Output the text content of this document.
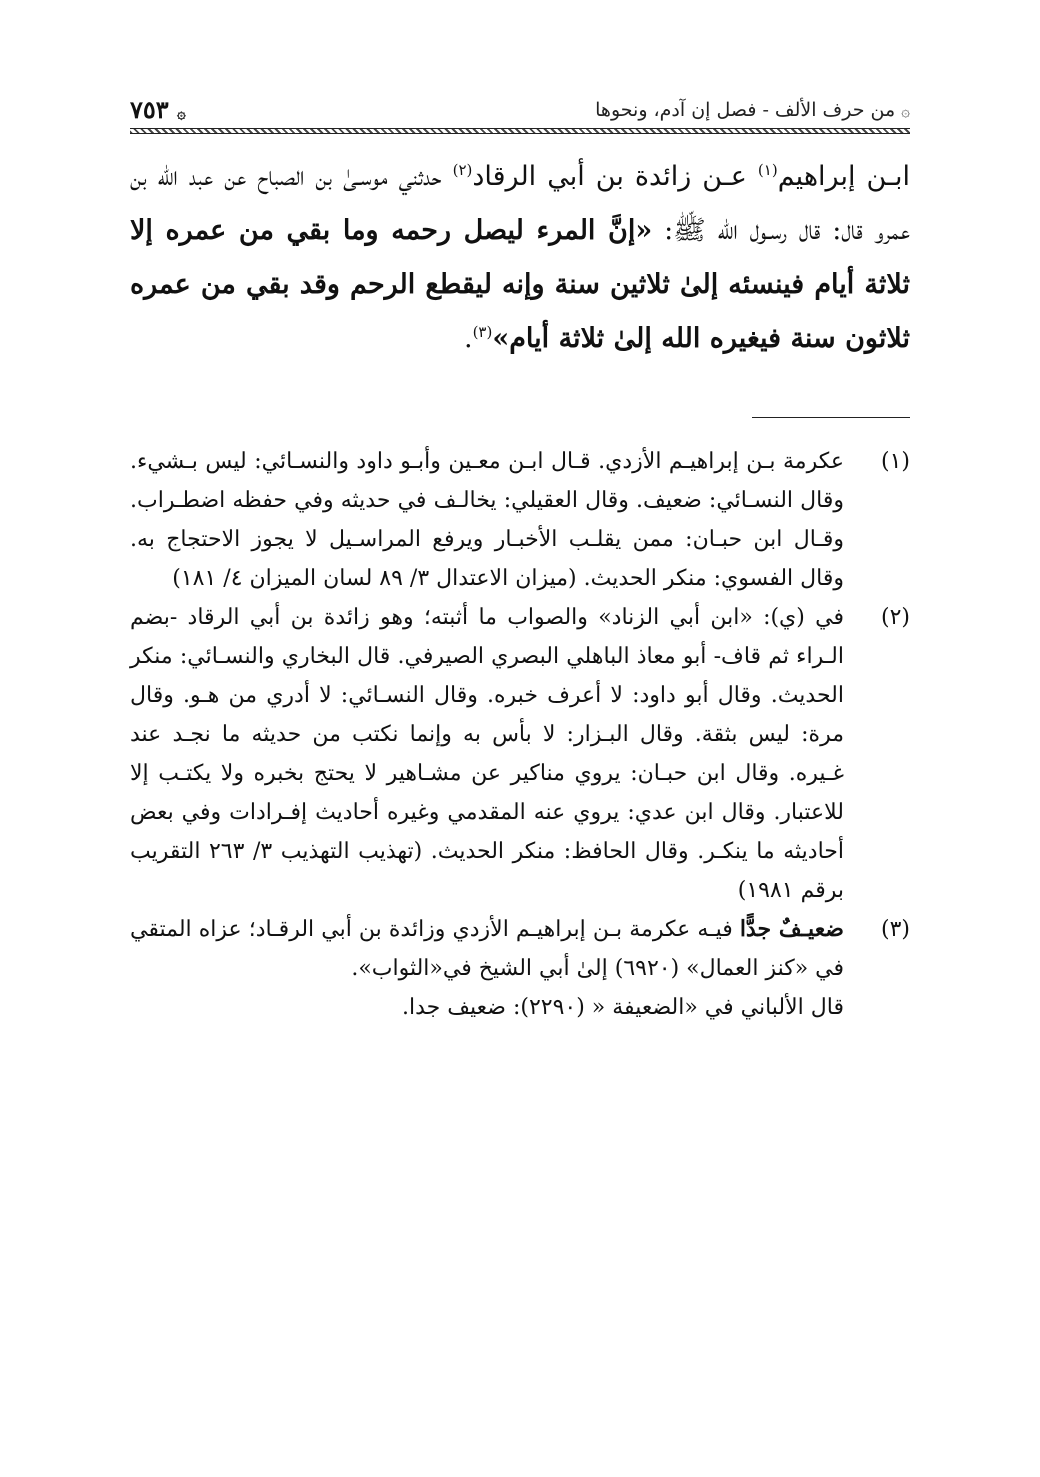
۞ من حرف الألف - فصل إن آدم، ونحوها
۞ ٧٥٣
ابـن إبراهيم$^{(١)}$ عـن زائدة بن أبي الرقاد$^{(٢)}$ حدثني موسـىٰ بن الصباح عن عبد الله بن عمرو قال: قال رسـول الله ﷺ: «إنَّ المرء ليصل رحمه وما بقي من عمره إلا ثلاثة أيام فينسئه إلىٰ ثلاثين سنة وإنه ليقطع الرحم وقد بقي من عمره ثلاثون سنة فيغيره الله إلىٰ ثلاثة أيام»$^{(٣)}$.
(١)

عكرمة بـن إبراهيـم الأزدي. قـال ابـن معـين وأبـو داود والنسـائي: ليس بـشيء. وقال النسـائي: ضعيف. وقال العقيلي: يخالـف في حديثه وفي حفظه اضطـراب. وقـال ابن حبـان: ممن يقلـب الأخبـار ويرفع المراسـيل لا يجوز الاحتجاج به. وقال الفسوي: منكر الحديث. (ميزان الاعتدال ٣/ ٨٩ لسان الميزان ٤/ ١٨١)

(٢)

في (ي): «ابن أبي الزناد» والصواب ما أثبته؛ وهو زائدة بن أبي الرقاد -بضم الـراء ثم قاف- أبو معاذ الباهلي البصري الصيرفي. قال البخاري والنسـائي: منكر الحديث. وقال أبو داود: لا أعرف خبره. وقال النسـائي: لا أدري من هـو. وقال مرة: ليس بثقة. وقال البـزار: لا بأس به وإنما نكتب من حديثه ما نجـد عند غـيره. وقال ابن حبـان: يروي مناكير عن مشـاهير لا يحتج بخبره ولا يكتـب إلا للاعتبار. وقال ابن عدي: يروي عنه المقدمي وغيره أحاديث إفـرادات وفي بعض أحاديثه ما ينكـر. وقال الحافظ: منكر الحديث. (تهذيب التهذيب ٣/ ٢٦٣ التقريب برقم ١٩٨١)

(٣)

ضعيـفٌ جدًّا فيـه عكرمة بـن إبراهيـم الأزدي وزائدة بن أبي الرقـاد؛ عزاه المتقي في «كنز العمال» (٦٩٢٠) إلىٰ أبي الشيخ في«الثواب».

قال الألباني في «الضعيفة « (٢٢٩٠): ضعيف جدا.
